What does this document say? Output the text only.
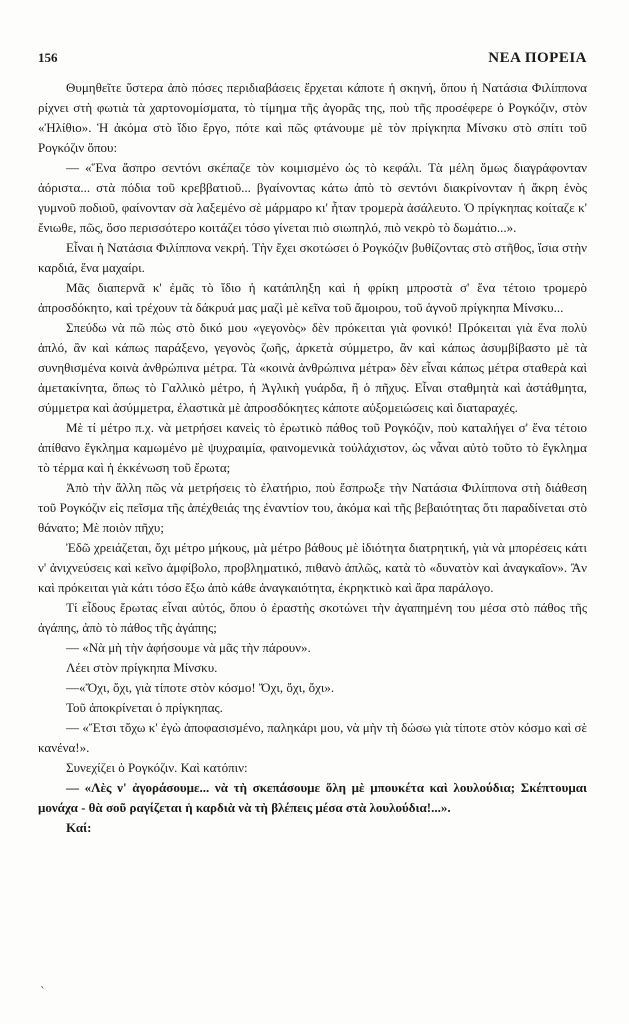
156	ΝΕΑ ΠΟΡΕΙΑ

Θυμηθεῖτε ὕστερα ἀπὸ πόσες περιδιαβάσεις ἔρχεται κάποτε ἡ σκηνή, ὅπου ἡ Νατάσια Φιλίππονα ρίχνει στὴ φωτιὰ τὰ χαρτονομίσματα, τὸ τίμημα τῆς ἀγορᾶς της, ποὺ τῆς προσέφερε ὁ Ρογκόζιν, στὸν «Ἠλίθιο». Ἡ ἀκόμα στὸ ἴδιο ἔργο, πότε καὶ πῶς φτάνουμε μὲ τὸν πρίγκηπα Μίνσκυ στὸ σπίτι τοῦ Ρογκόζιν ὅπου:

— «Ἕνα ἄσπρο σεντόνι σκέπαζε τὸν κοιμισμένο ὡς τὸ κεφάλι. Τὰ μέλη ὅμως διαγράφονταν ἀόριστα... στὰ πόδια τοῦ κρεββατιοῦ... βγαίνοντας κάτω ἀπὸ τὸ σεντόνι διακρίνονταν ἡ ἄκρη ἑνὸς γυμνοῦ ποδιοῦ, φαίνονταν σὰ λαξεμένο σὲ μάρμαρο κι' ἦταν τρομερὰ ἀσάλευτο. Ὁ πρίγκηπας κοίταζε κ' ἔνιωθε, πῶς, ὅσο περισσότερο κοιτάζει τόσο γίνεται πιὸ σιωπηλό, πιὸ νεκρὸ τὸ δωμάτιο...».

Εἶναι ἡ Νατάσια Φιλίππονα νεκρή. Τὴν ἔχει σκοτώσει ὁ Ρογκόζιν βυθίζοντας στὸ στῆθος, ἴσια στὴν καρδιά, ἕνα μαχαίρι.

Μᾶς διαπερνᾶ κ' ἐμᾶς τὸ ἴδιο ἡ κατάπληξη καὶ ἡ φρίκη μπροστὰ σ' ἕνα τέτοιο τρομερὸ ἀπροσδόκητο, καὶ τρέχουν τὰ δάκρυά μας μαζὶ μὲ κεῖνα τοῦ ἄμοιρου, τοῦ ἁγνοῦ πρίγκηπα Μίνσκυ...

Σπεύδω νὰ πῶ πὼς στὸ δικό μου «γεγονὸς» δὲν πρόκειται γιὰ φονικό! Πρόκειται γιὰ ἕνα πολὺ ἁπλό, ἂν καὶ κάπως παράξενο, γεγονὸς ζωῆς, ἀρκετὰ σύμμετρο, ἂν καὶ κάπως ἀσυμβίβαστο μὲ τὰ συνηθισμένα κοινὰ ἀνθρώπινα μέτρα. Τὰ «κοινὰ ἀνθρώπινα μέτρα» δὲν εἶναι κάπως μέτρα σταθερὰ καὶ ἀμετακίνητα, ὅπως τὸ Γαλλικὸ μέτρο, ἡ Ἀγλικὴ γυάρδα, ἢ ὁ πῆχυς. Εἶναι σταθμητὰ καὶ ἀστάθμητα, σύμμετρα καὶ ἀσύμμετρα, ἐλαστικὰ μὲ ἀπροσδόκητες κάποτε αὐξομειώσεις καὶ διαταραχές.

Μὲ τί μέτρο π.χ. νὰ μετρήσει κανεὶς τὸ ἐρωτικὸ πάθος τοῦ Ρογκόζιν, ποὺ καταλήγει σ' ἕνα τέτοιο ἀπίθανο ἔγκλημα καμωμένο μὲ ψυχραιμία, φαινομενικὰ τοὐλάχιστον, ὡς νἆναι αὐτὸ τοῦτο τὸ ἔγκλημα τὸ τέρμα καὶ ἡ ἐκκένωση τοῦ ἔρωτα;

Ἀπὸ τὴν ἄλλη πῶς νὰ μετρήσεις τὸ ἐλατήριο, ποὺ ἔσπρωξε τὴν Νατάσια Φιλίππονα στὴ διάθεση τοῦ Ρογκόζιν εἰς πεῖσμα τῆς ἀπέχθειάς της ἐναντίον του, ἀκόμα καὶ τῆς βεβαιότητας ὅτι παραδίνεται στὸ θάνατο; Μὲ ποιὸν πῆχυ;

Ἐδῶ χρειάζεται, ὄχι μέτρο μήκους, μὰ μέτρο βάθους μὲ ἰδιότητα διατρητική, γιὰ νὰ μπορέσεις κάτι ν' ἀνιχνεύσεις καὶ κεῖνο ἀμφίβολο, προβληματικό, πιθανὸ ἁπλῶς, κατὰ τὸ «δυνατὸν καὶ ἀναγκαῖον». Ἂν καὶ πρόκειται γιὰ κάτι τόσο ἔξω ἀπὸ κάθε ἀναγκαιότητα, ἐκρηκτικὸ καὶ ἄρα παράλογο.

Τί εἶδους ἔρωτας εἶναι αὐτός, ὅπου ὁ ἐραστὴς σκοτώνει τὴν ἀγαπημένη του μέσα στὸ πάθος τῆς ἀγάπης, ἀπὸ τὸ πάθος τῆς ἀγάπης;

— «Νὰ μὴ τὴν ἀφήσουμε νὰ μᾶς τὴν πάρουν».

Λέει στὸν πρίγκηπα Μίνσκυ.

—«Ὄχι, ὄχι, γιὰ τίποτε στὸν κόσμο! Ὄχι, ὄχι, ὄχι».

Τοῦ ἀποκρίνεται ὁ πρίγκηπας.

— «Ἔτσι τὄχω κ' ἐγὼ ἀποφασισμένο, παληκάρι μου, νὰ μὴν τὴ δώσω γιὰ τίποτε στὸν κόσμο καὶ σὲ κανένα!».

Συνεχίζει ὁ Ρογκόζιν. Καὶ κατόπιν:

— «Λὲς ν' ἀγοράσουμε... νὰ τὴ σκεπάσουμε ὅλη μὲ μπουκέτα καὶ λουλούδια; Σκέπτουμαι μονάχα - θὰ σοῦ ραγίζεται ἡ καρδιὰ νὰ τὴ βλέπεις μέσα στὰ λουλούδια!...».

Καί:

ˋ
